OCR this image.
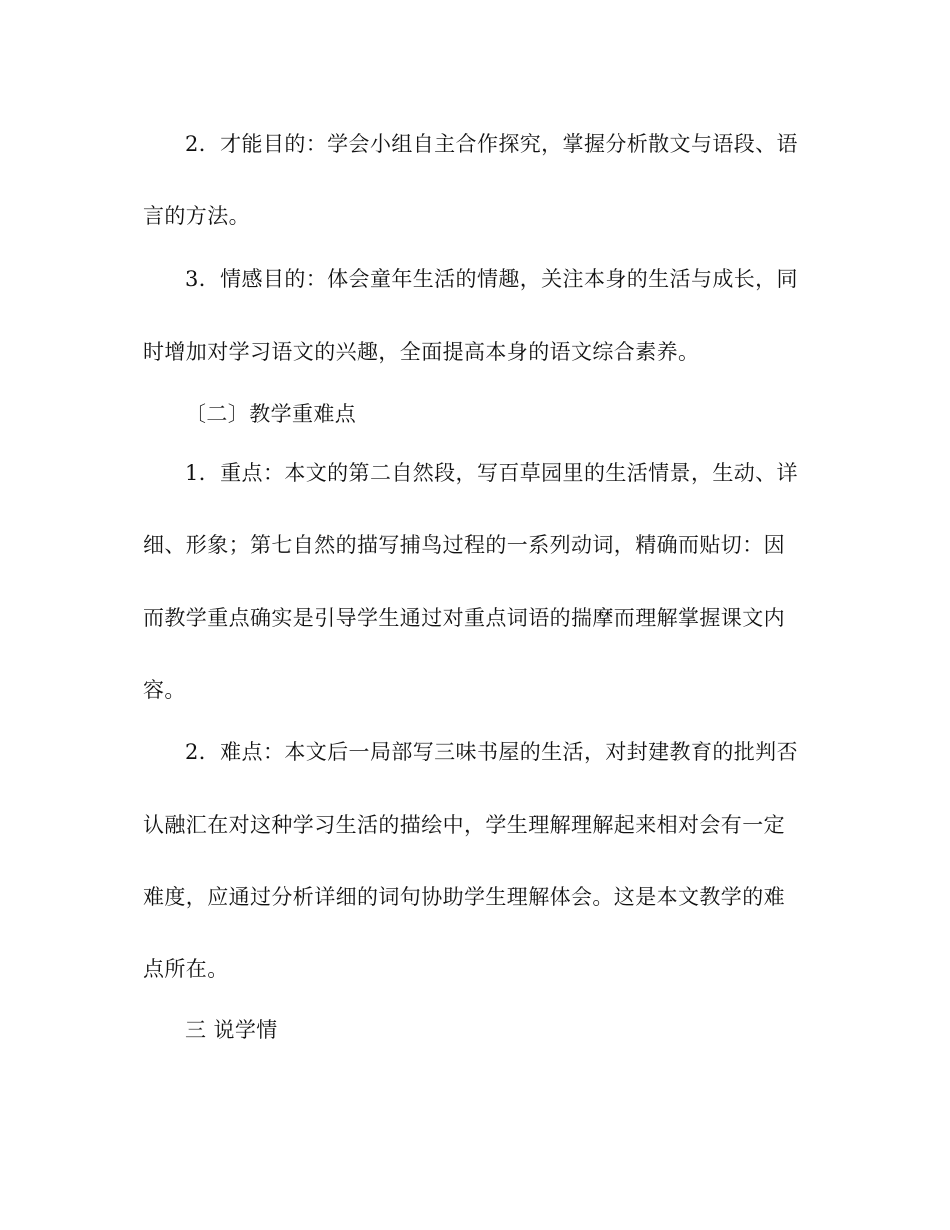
2．才能目的：学会小组自主合作探究，掌握分析散文与语段、语
言的方法。
3．情感目的：体会童年生活的情趣，关注本身的生活与成长，同
时增加对学习语文的兴趣，全面提高本身的语文综合素养。
〔二〕教学重难点
1．重点：本文的第二自然段，写百草园里的生活情景，生动、详
细、形象；第七自然的描写捕鸟过程的一系列动词，精确而贴切：因
而教学重点确实是引导学生通过对重点词语的揣摩而理解掌握课文内
容。
2．难点：本文后一局部写三味书屋的生活，对封建教育的批判否
认融汇在对这种学习生活的描绘中，学生理解理解起来相对会有一定
难度，应通过分析详细的词句协助学生理解体会。这是本文教学的难
点所在。
三 说学情
